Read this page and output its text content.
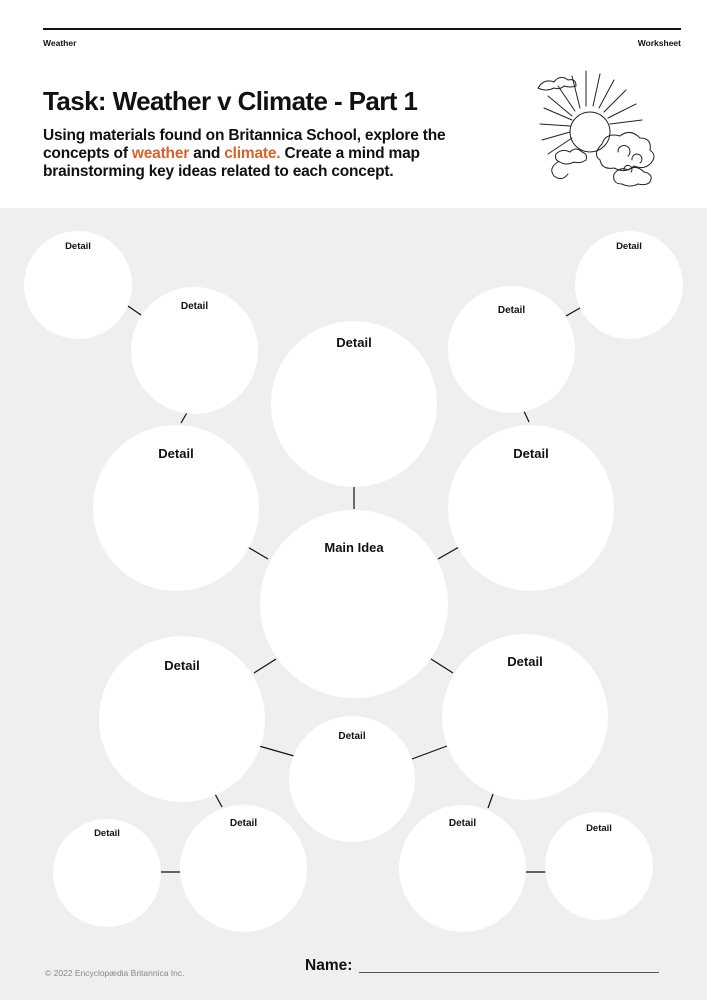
Weather	Worksheet
Task: Weather v Climate - Part 1

Using materials found on Britannica School, explore the concepts of weather and climate. Create a mind map brainstorming key ideas related to each concept.

Main Idea
Detail
Detail	Detail
Detail	Detail
Detail	Detail
Detail
Detail	Detail
Detail	Detail
Detail	Detail
© 2022 Encyclopædia Britannica Inc.	Name:
